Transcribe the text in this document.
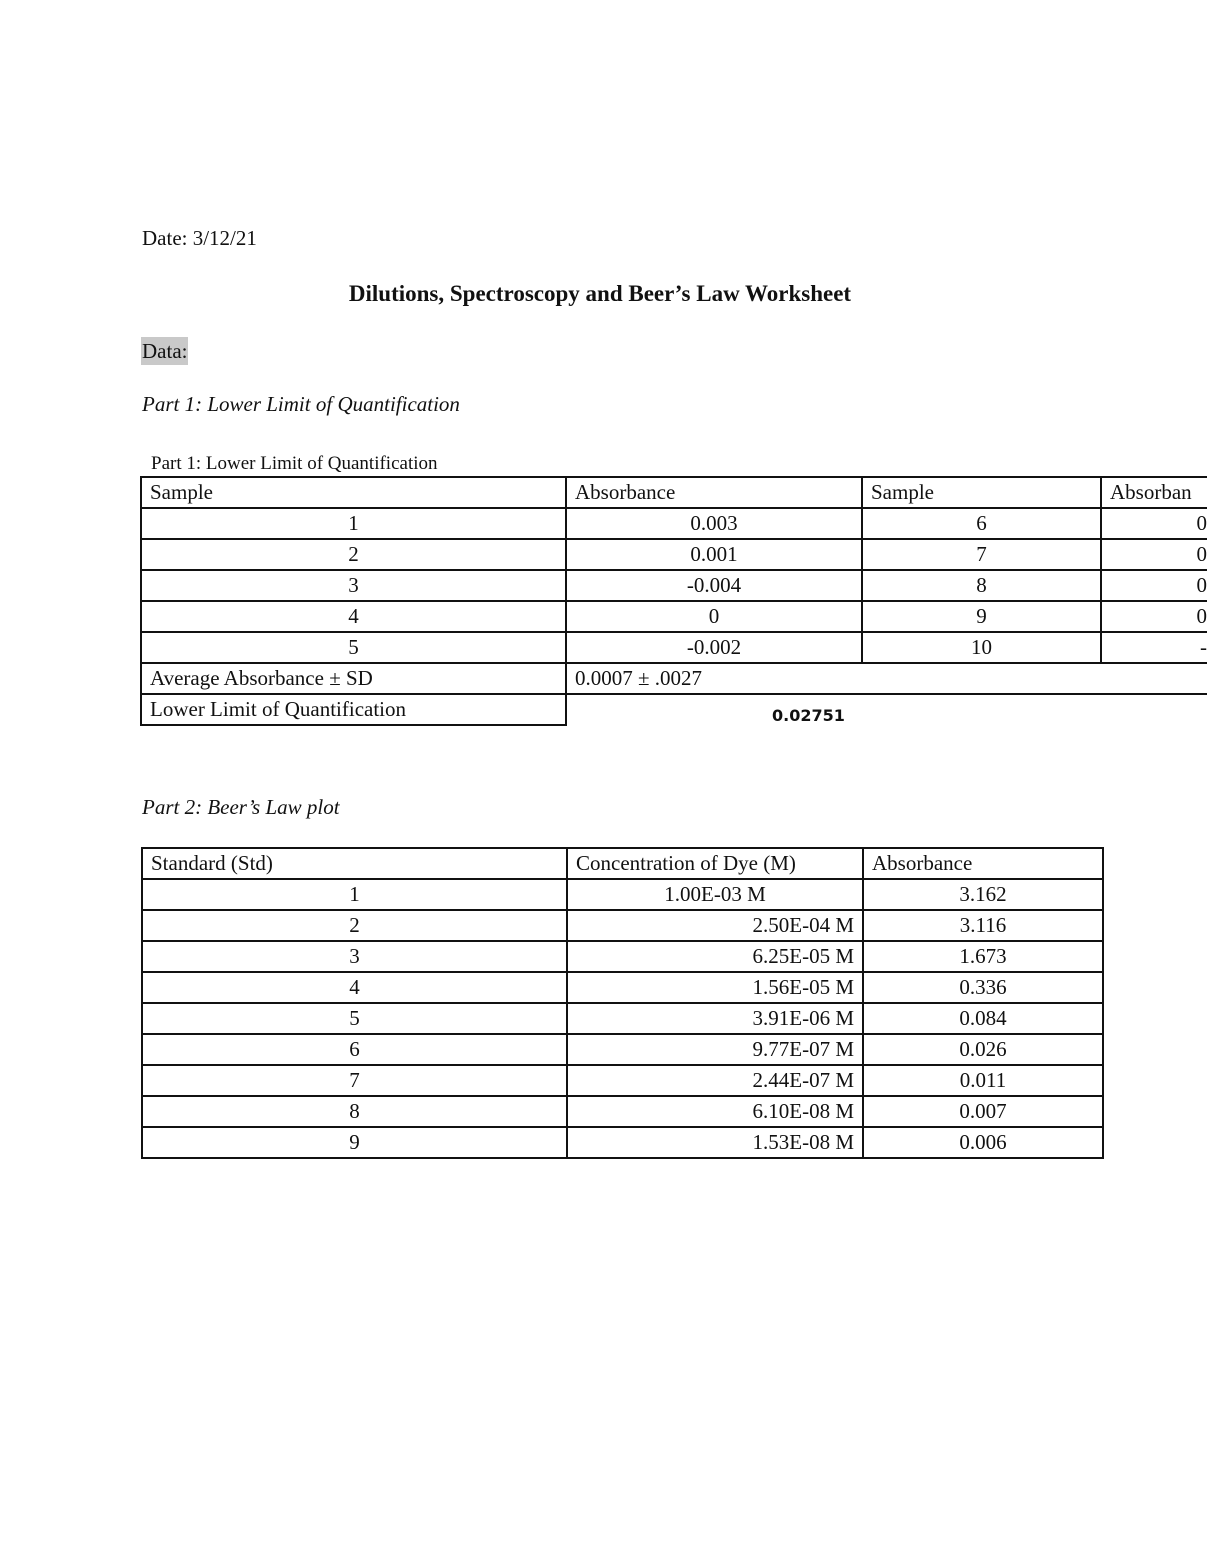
Date: 3/12/21
Dilutions, Spectroscopy and Beer’s Law Worksheet
Data:
Part 1: Lower Limit of Quantification
Part 1: Lower Limit of Quantification
Sample	Absorbance	Sample	Absorban
1	0.003	6	0
2	0.001	7	0
3	-0.004	8	0
4	0	9	0
5	-0.002	10	-
Average Absorbance ± SD	0.0007 ± .0027		
Lower Limit of Quantification	0.02751		
Part 2: Beer’s Law plot
Standard (Std)	Concentration of Dye (M)	Absorbance
1	1.00E-03 M	3.162
2	2.50E-04 M	3.116
3	6.25E-05 M	1.673
4	1.56E-05 M	0.336
5	3.91E-06 M	0.084
6	9.77E-07 M	0.026
7	2.44E-07 M	0.011
8	6.10E-08 M	0.007
9	1.53E-08 M	0.006
